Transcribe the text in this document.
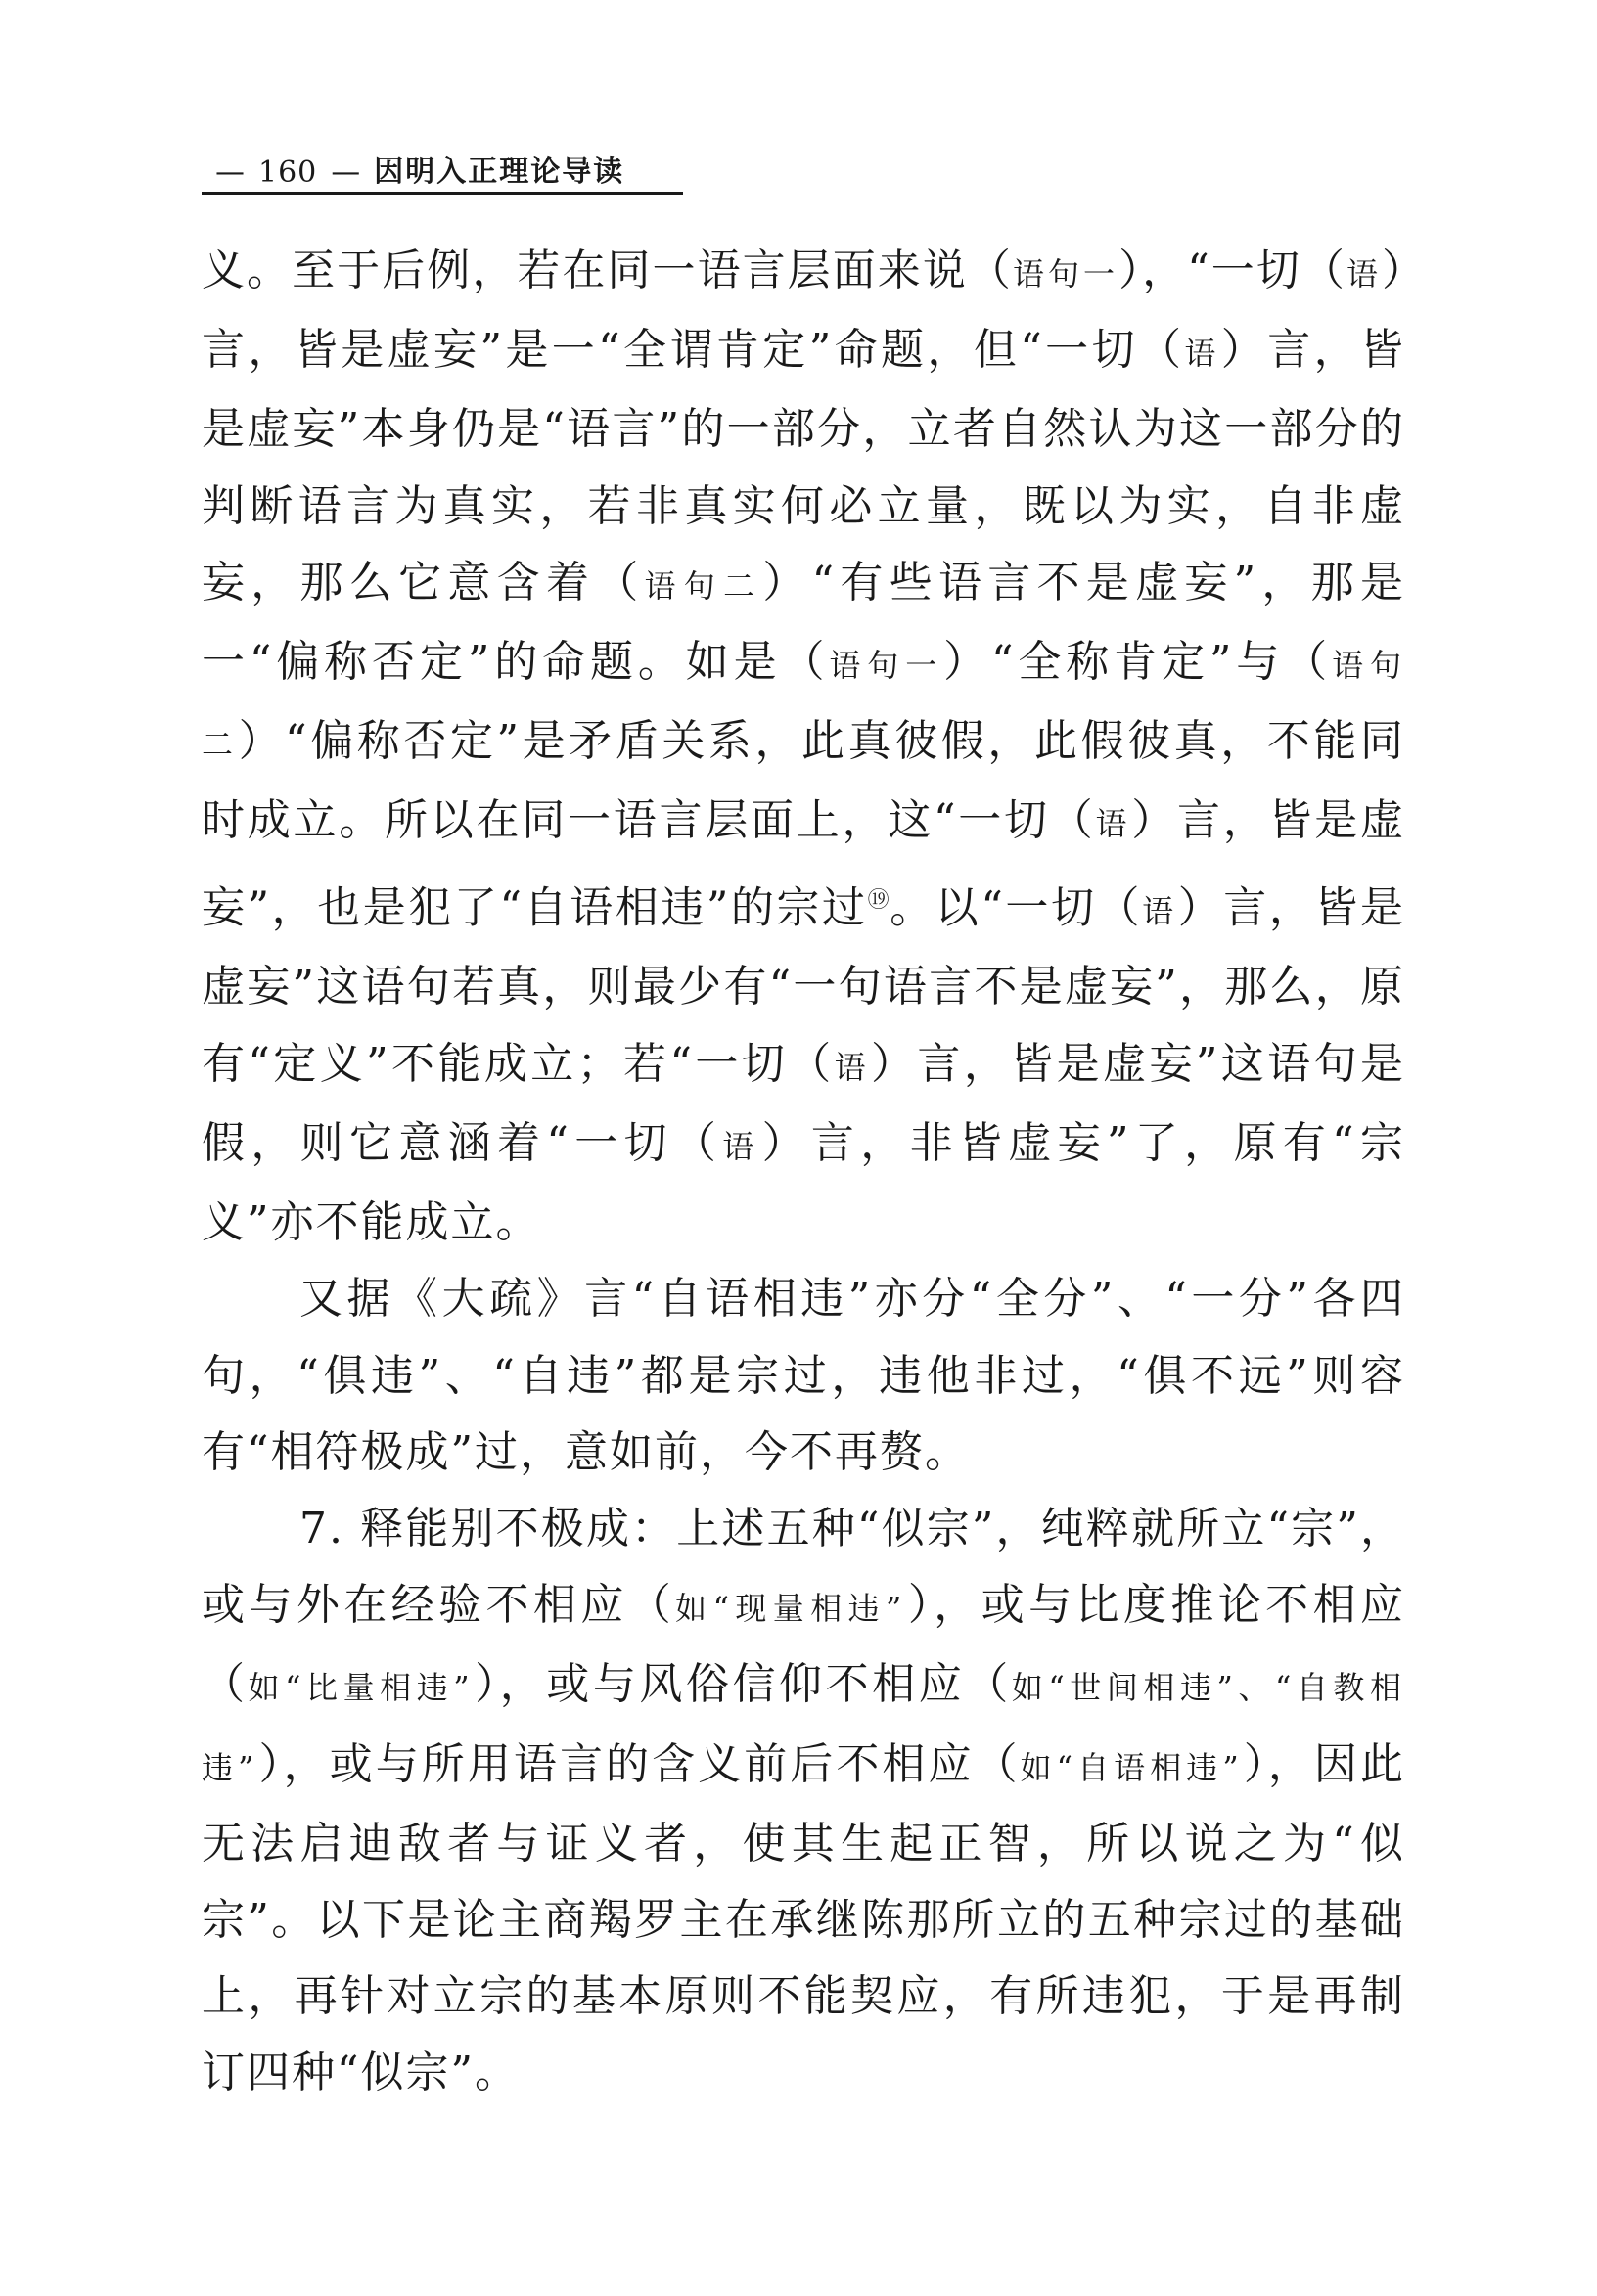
— 160 — 因明入正理论导读

义。至于后例，若在同一语言层面来说（语句一），“一切（语）言，皆是虚妄”是一“全谓肯定”命题，但“一切（语）言，皆是虚妄”本身仍是“语言”的一部分，立者自然认为这一部分的判断语言为真实，若非真实何必立量，既以为实，自非虚妄，那么它意含着（语句二）“有些语言不是虚妄”，那是一“偏称否定”的命题。如是（语句一）“全称肯定”与（语句二）“偏称否定”是矛盾关系，此真彼假，此假彼真，不能同时成立。所以在同一语言层面上，这“一切（语）言，皆是虚妄”，也是犯了“自语相违”的宗过⑲。以“一切（语）言，皆是虚妄”这语句若真，则最少有“一句语言不是虚妄”，那么，原有“定义”不能成立；若“一切（语）言，皆是虚妄”这语句是假，则它意涵着“一切（语）言，非皆虚妄”了，原有“宗义”亦不能成立。

又据《大疏》言“自语相违”亦分“全分”、“一分”各四句，“俱违”、“自违”都是宗过，违他非过，“俱不远”则容有“相符极成”过，意如前，今不再赘。

7. 释能别不极成：上述五种“似宗”，纯粹就所立“宗”，或与外在经验不相应（如“现量相违”），或与比度推论不相应（如“比量相违”），或与风俗信仰不相应（如“世间相违”、“自教相违”），或与所用语言的含义前后不相应（如“自语相违”），因此无法启迪敌者与证义者，使其生起正智，所以说之为“似宗”。以下是论主商羯罗主在承继陈那所立的五种宗过的基础上，再针对立宗的基本原则不能契应，有所违犯，于是再制订四种“似宗”。
